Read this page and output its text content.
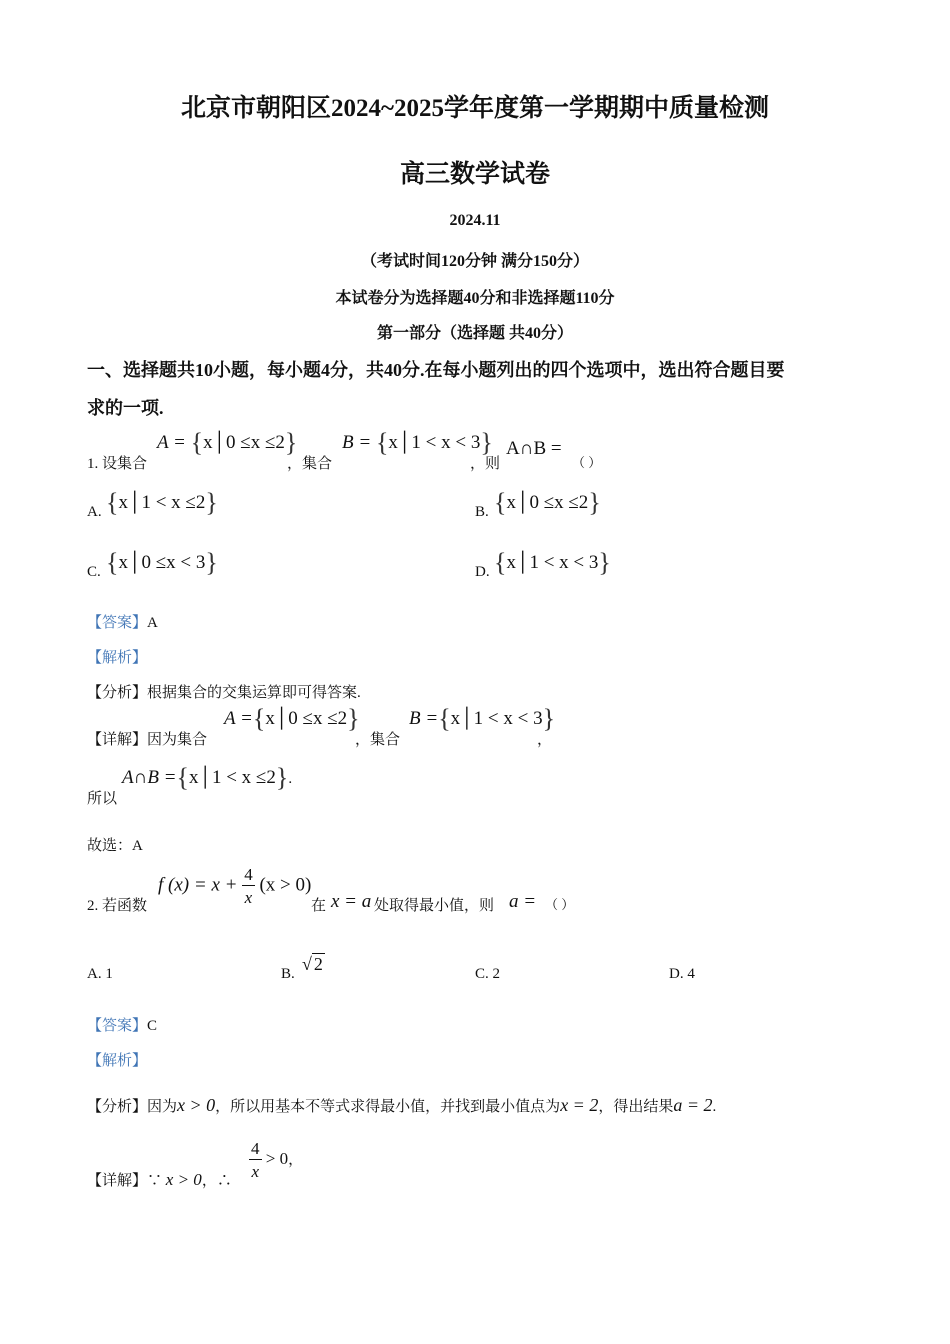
北京市朝阳区2024~2025学年度第一学期期中质量检测
高三数学试卷
2024.11
（考试时间120分钟 满分150分）
本试卷分为选择题40分和非选择题110分
第一部分（选择题 共40分）
一、选择题共10小题，每小题4分，共40分.在每小题列出的四个选项中，选出符合题目要
求的一项.
1. 设集合
A = {x│0 ≤x ≤2}
，集合
B = {x│1 < x < 3}
，则
A∩B =
（ ）
A. {x│1 < x ≤2}	B. {x│0 ≤x ≤2}
C. {x│0 ≤x < 3}	D. {x│1 < x < 3}
【答案】A
【解析】
【分析】根据集合的交集运算即可得答案.
【详解】因为集合
A ={x│0 ≤x ≤2}
，集合
B ={x│1 < x < 3}
，
所以
A∩B ={x│1 < x ≤2}.
故选：A
2. 若函数
f $(x) = x + \frac{4}{x} (x > 0)$
在 x = a 处取得最小值，则 a = （ ）
A. 1	B. √ 2	C. 2	D. 4
【答案】C
【解析】
【分析】因为x > 0，所以用基本不等式求得最小值，并找到最小值点为x = 2，得出结果a = 2.
【详解】∵ x > 0，∴
$\frac{4}{x} > 0$，
